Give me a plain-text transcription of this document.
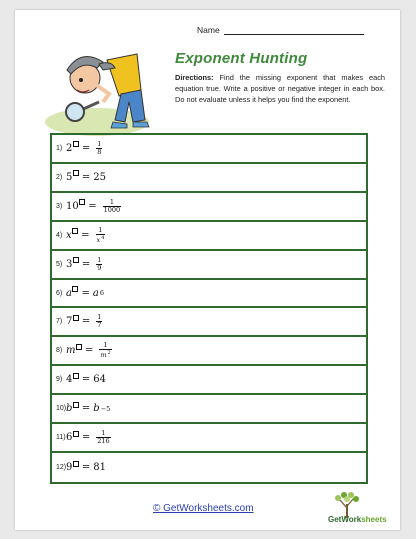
Name
Exponent Hunting
Directions: Find the missing exponent that makes each equation true. Write a positive or negative integer in each box. Do not evaluate unless it helps you find the exponent.
1) $2 = \frac{1}{8}$
2) 5 = 25
3) $10 = \frac{1}{1000}$
4) $x = \frac{1}{x^4}$
5) $3 = \frac{1}{9}$
6) a = a 6
7) $7 = \frac{1}{7}$
8) $m = \frac{1}{m^2}$
9) 4 = 64
10) b = b −5
11) $6 = \frac{1}{216}$
12) 9 = 81
© GetWorksheets.com
GetWorksheets
